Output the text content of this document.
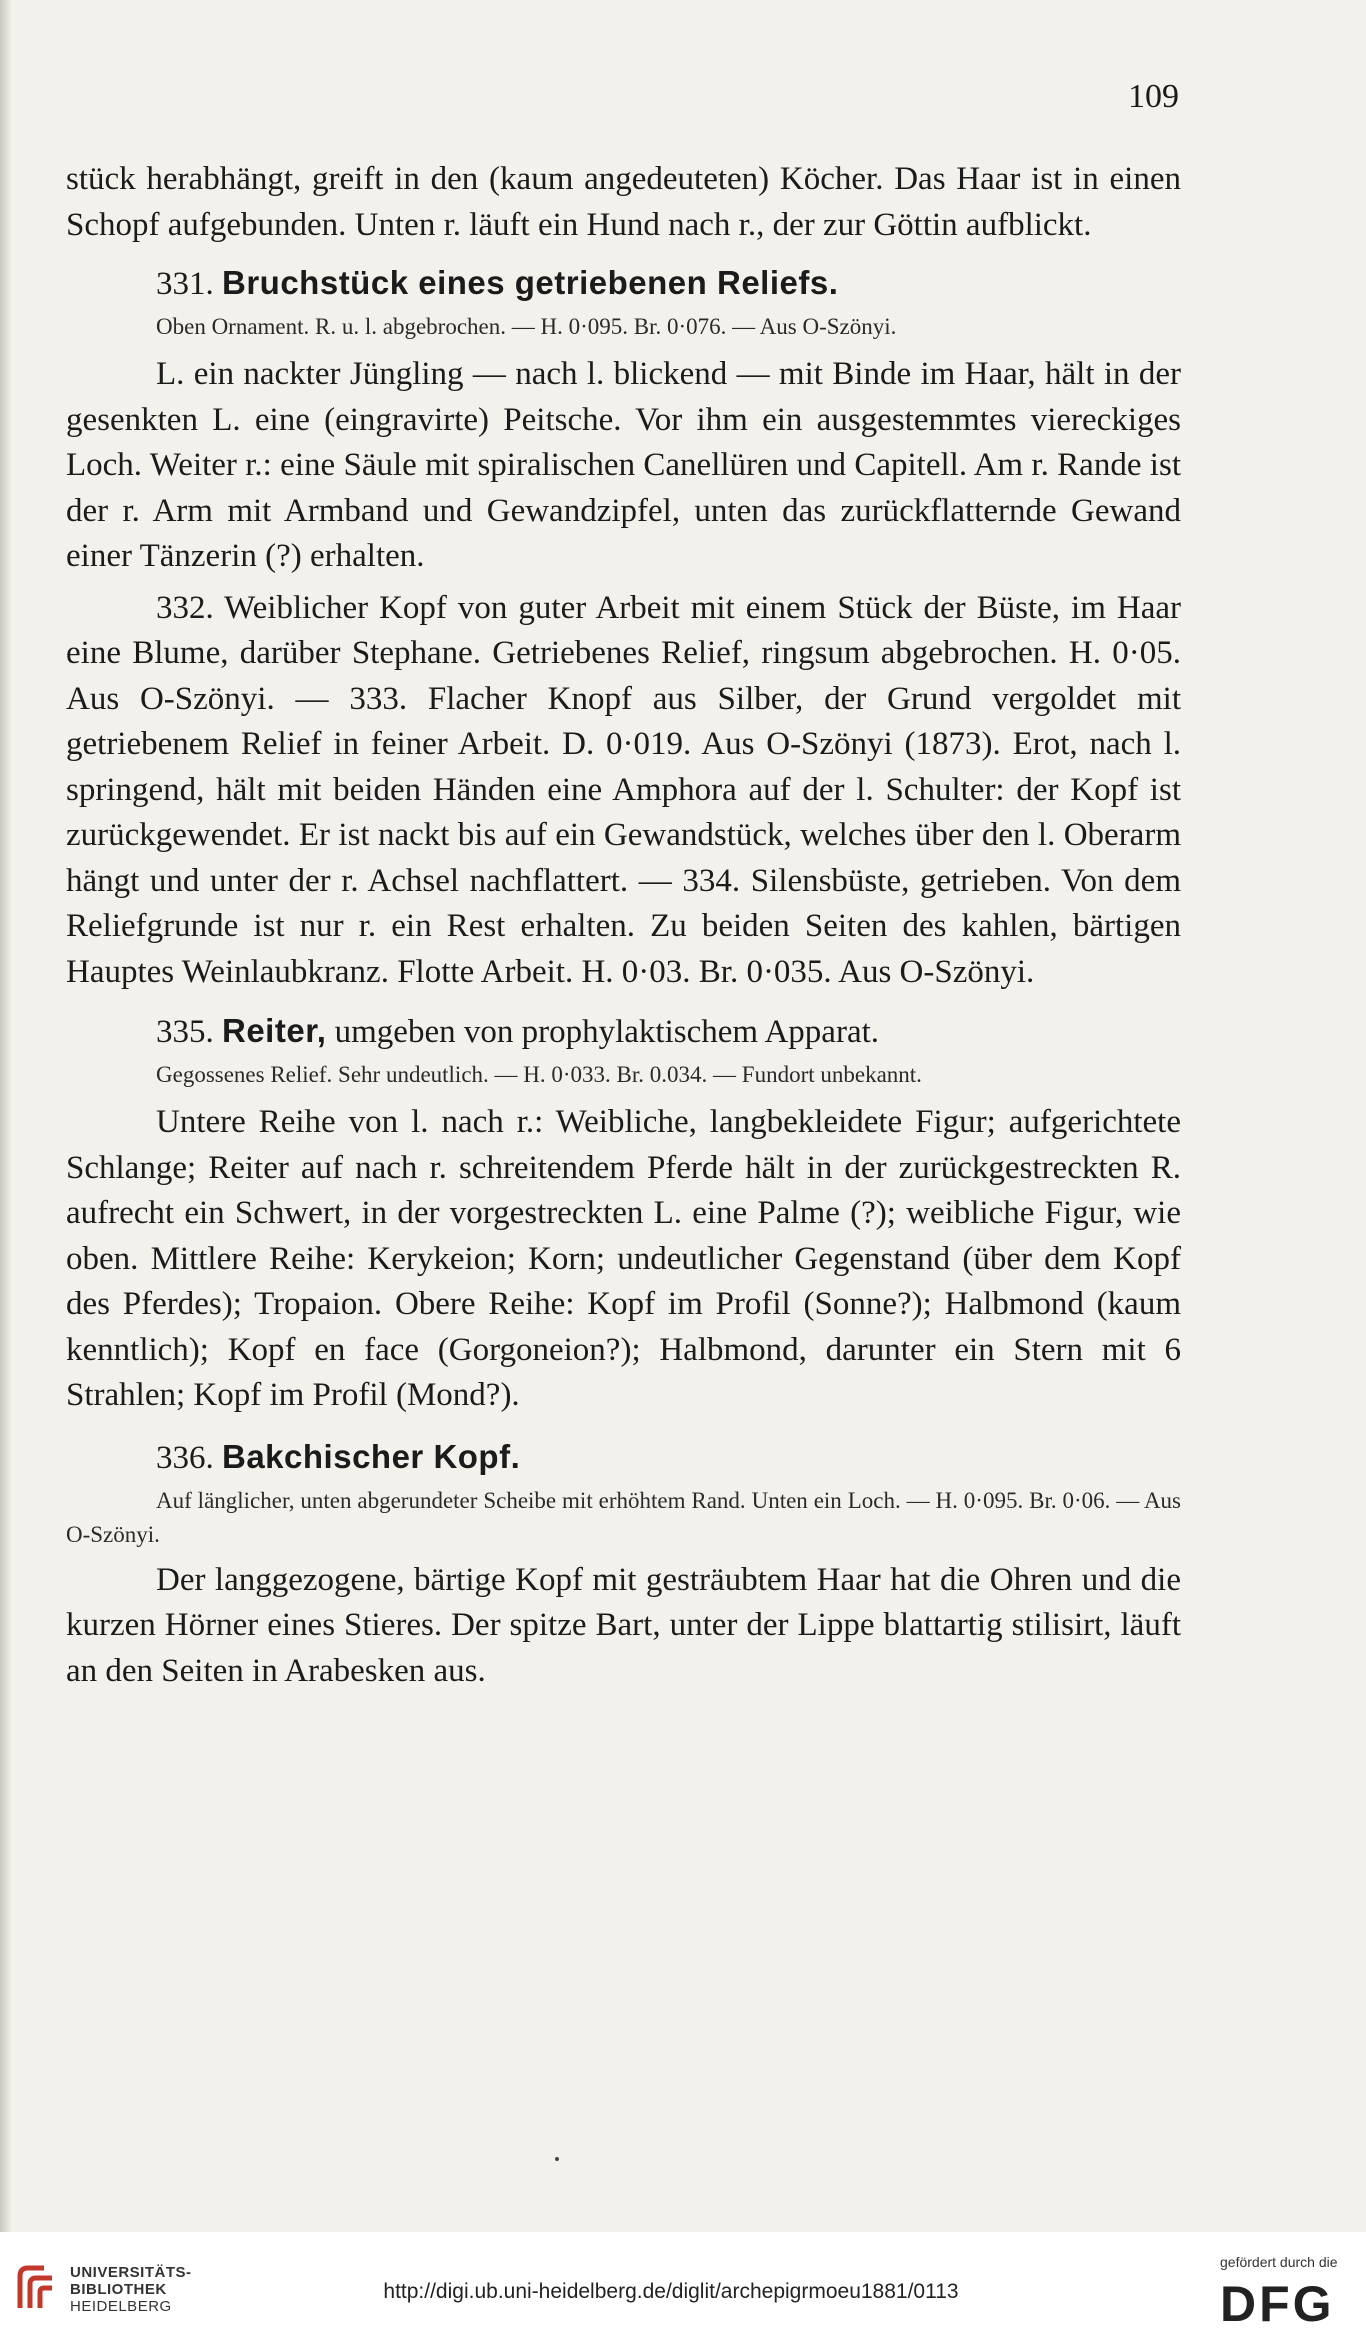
109

stück herabhängt, greift in den (kaum angedeuteten) Köcher. Das Haar ist in einen Schopf aufgebunden. Unten r. läuft ein Hund nach r., der zur Göttin aufblickt.

331. Bruchstück eines getriebenen Reliefs.

Oben Ornament. R. u. l. abgebrochen. — H. 0·095. Br. 0·076. — Aus O-Szönyi.

L. ein nackter Jüngling — nach l. blickend — mit Binde im Haar, hält in der gesenkten L. eine (eingravirte) Peitsche. Vor ihm ein ausgestemmtes viereckiges Loch. Weiter r.: eine Säule mit spiralischen Canellüren und Capitell. Am r. Rande ist der r. Arm mit Armband und Gewandzipfel, unten das zurückflatternde Gewand einer Tänzerin (?) erhalten.

332. Weiblicher Kopf von guter Arbeit mit einem Stück der Büste, im Haar eine Blume, darüber Stephane. Getriebenes Relief, ringsum abgebrochen. H. 0·05. Aus O-Szönyi. — 333. Flacher Knopf aus Silber, der Grund vergoldet mit getriebenem Relief in feiner Arbeit. D. 0·019. Aus O-Szönyi (1873). Erot, nach l. springend, hält mit beiden Händen eine Amphora auf der l. Schulter: der Kopf ist zurückgewendet. Er ist nackt bis auf ein Gewandstück, welches über den l. Oberarm hängt und unter der r. Achsel nachflattert. — 334. Silensbüste, getrieben. Von dem Reliefgrunde ist nur r. ein Rest erhalten. Zu beiden Seiten des kahlen, bärtigen Hauptes Weinlaubkranz. Flotte Arbeit. H. 0·03. Br. 0·035. Aus O-Szönyi.

335. Reiter, umgeben von prophylaktischem Apparat.

Gegossenes Relief. Sehr undeutlich. — H. 0·033. Br. 0.034. — Fundort unbekannt.

Untere Reihe von l. nach r.: Weibliche, langbekleidete Figur; aufgerichtete Schlange; Reiter auf nach r. schreitendem Pferde hält in der zurückgestreckten R. aufrecht ein Schwert, in der vorgestreckten L. eine Palme (?); weibliche Figur, wie oben. Mittlere Reihe: Kerykeion; Korn; undeutlicher Gegenstand (über dem Kopf des Pferdes); Tropaion. Obere Reihe: Kopf im Profil (Sonne?); Halbmond (kaum kenntlich); Kopf en face (Gorgoneion?); Halbmond, darunter ein Stern mit 6 Strahlen; Kopf im Profil (Mond?).

336. Bakchischer Kopf.

Auf länglicher, unten abgerundeter Scheibe mit erhöhtem Rand. Unten ein Loch. — H. 0·095. Br. 0·06. — Aus O-Szönyi.

Der langgezogene, bärtige Kopf mit gesträubtem Haar hat die Ohren und die kurzen Hörner eines Stieres. Der spitze Bart, unter der Lippe blattartig stilisirt, läuft an den Seiten in Arabesken aus.

UNIVERSITÄTS-
BIBLIOTHEK
HEIDELBERG
http://digi.ub.uni-heidelberg.de/diglit/archepigrmoeu1881/0113
gefördert durch die
DFG
